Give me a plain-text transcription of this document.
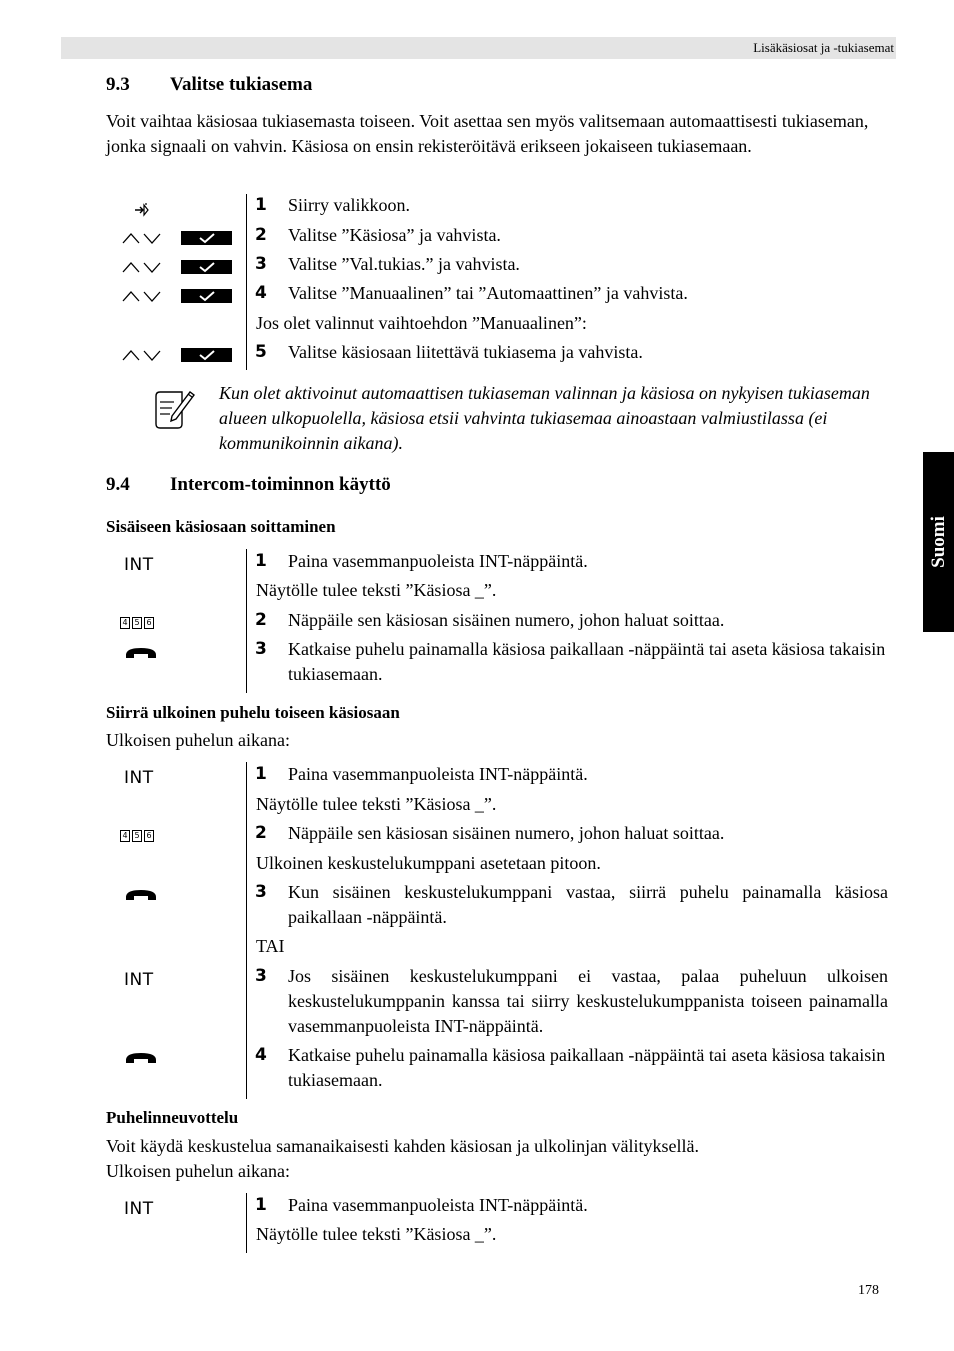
Lisäkäsiosat ja -tukiasemat
Suomi
9.3 Valitse tukiasema
Voit vaihtaa käsiosaa tukiasemasta toiseen. Voit asettaa sen myös valitsemaan automaattisesti tukiaseman, jonka signaali on vahvin. Käsiosa on ensin rekisteröitävä erikseen jokaiseen tukiasemaan.
1 Siirry valikkoon.
2 Valitse ”Käsiosa” ja vahvista.
3 Valitse ”Val.tukias.” ja vahvista.
4 Valitse ”Manuaalinen” tai ”Automaattinen” ja vahvista.
Jos olet valinnut vaihtoehdon ”Manuaalinen”:
5 Valitse käsiosaan liitettävä tukiasema ja vahvista.
Kun olet aktivoinut automaattisen tukiaseman valinnan ja käsiosa on nykyisen tukiaseman alueen ulkopuolella, käsiosa etsii vahvinta tukiasemaa ainoastaan valmiustilassa (ei kommunikoinnin aikana).
9.4 Intercom-toiminnon käyttö
Sisäiseen käsiosaan soittaminen
INT
4 5 6
1 Paina vasemmanpuoleista INT-näppäintä.
Näytölle tulee teksti ”Käsiosa _”.
2 Näppäile sen käsiosan sisäinen numero, johon haluat soittaa.
3 Katkaise puhelu painamalla käsiosa paikallaan -näppäintä tai aseta käsiosa takaisin tukiasemaan.
Siirrä ulkoinen puhelu toiseen käsiosaan
Ulkoisen puhelun aikana:
INT
4 5 6
INT
1 Paina vasemmanpuoleista INT-näppäintä.
Näytölle tulee teksti ”Käsiosa _”.
2 Näppäile sen käsiosan sisäinen numero, johon haluat soittaa.
Ulkoinen keskustelukumppani asetetaan pitoon.
3 Kun sisäinen keskustelukumppani vastaa, siirrä puhelu painamalla käsiosa paikallaan -näppäintä.
TAI
3 Jos sisäinen keskustelukumppani ei vastaa, palaa puheluun ulkoisen keskustelukumppanin kanssa tai siirry keskustelukumppanista toiseen painamalla vasemmanpuoleista INT-näppäintä.
4 Katkaise puhelu painamalla käsiosa paikallaan -näppäintä tai aseta käsiosa takaisin tukiasemaan.
Puhelinneuvottelu
Voit käydä keskustelua samanaikaisesti kahden käsiosan ja ulkolinjan välityksellä.
Ulkoisen puhelun aikana:
INT	1 Paina vasemmanpuoleista INT-näppäintä.
Näytölle tulee teksti ”Käsiosa _”.
178
